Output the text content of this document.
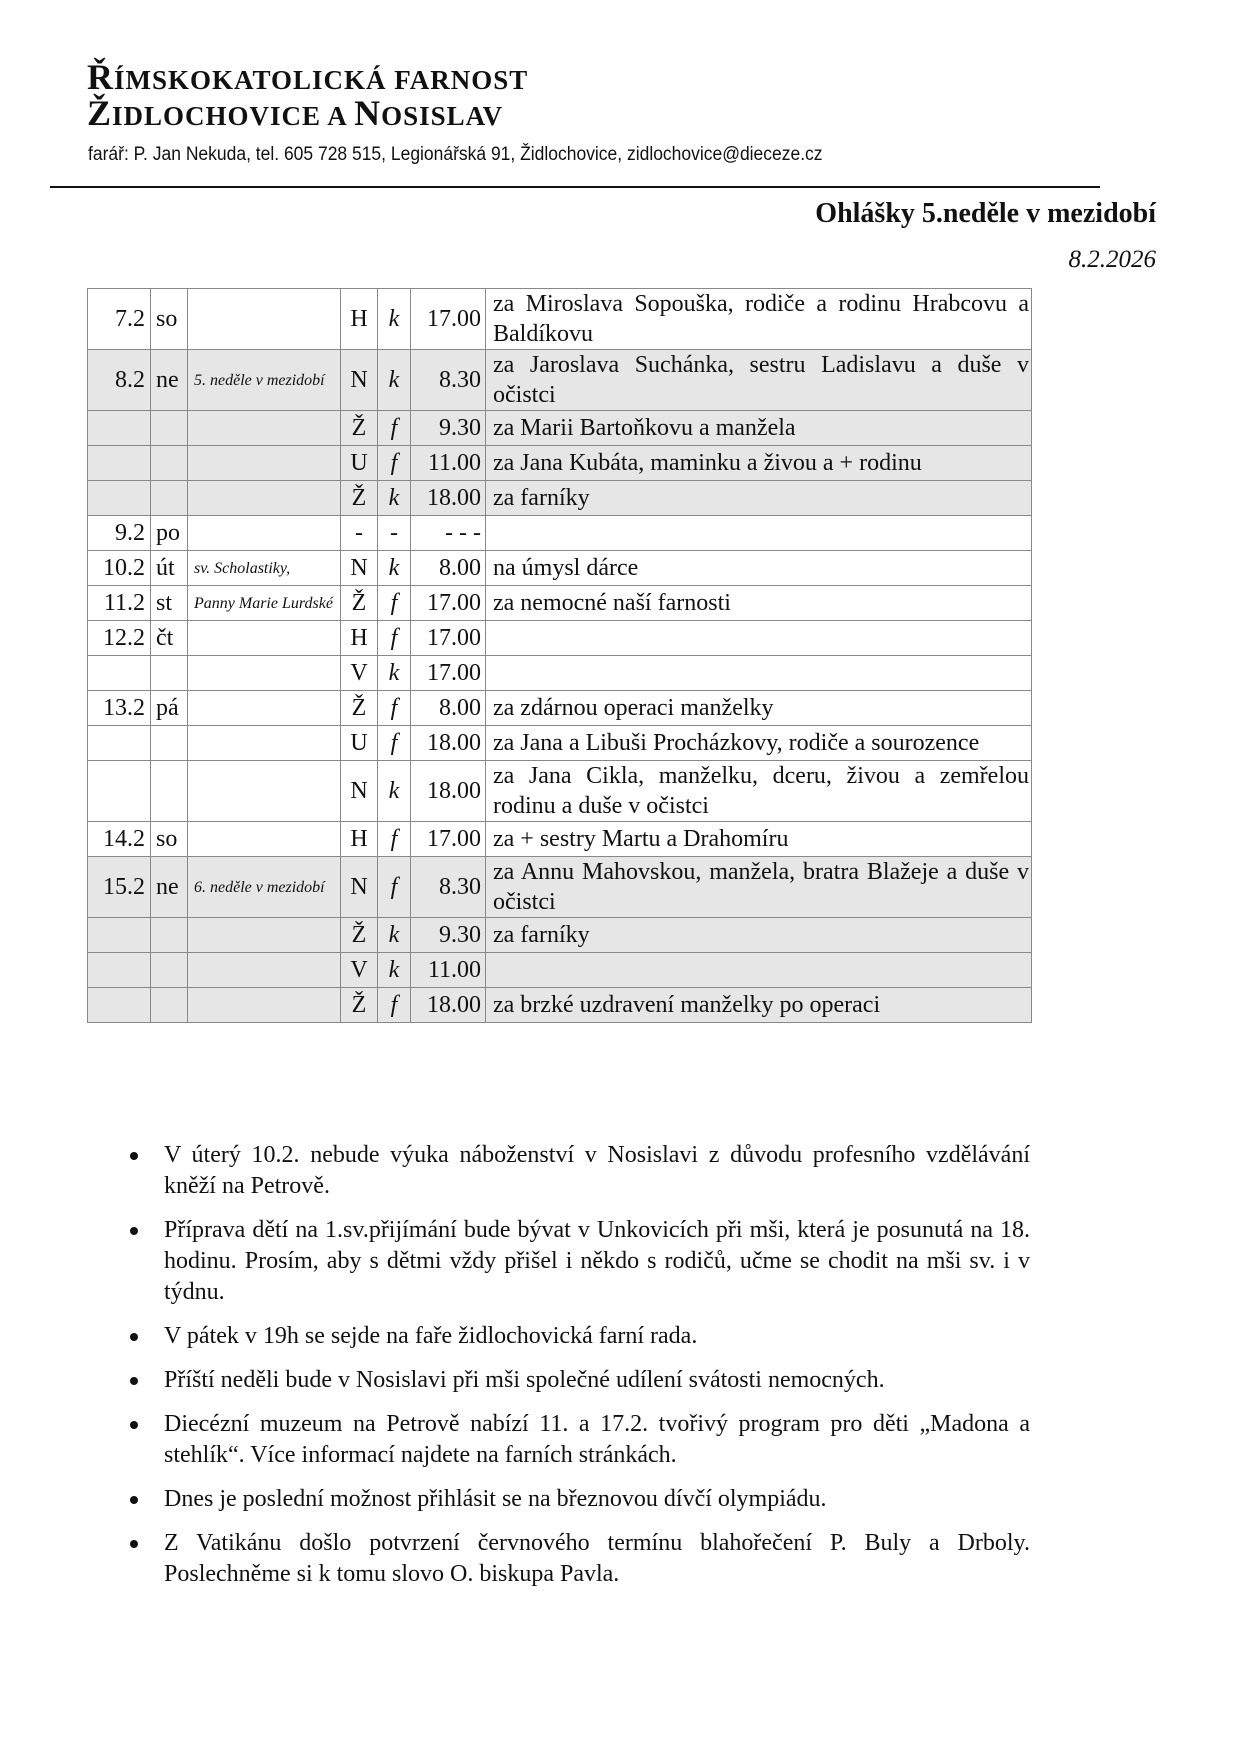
ŘÍMSKOKATOLICKÁ FARNOST
ŽIDLOCHOVICE A NOSISLAV
farář: P. Jan Nekuda, tel. 605 728 515, Legionářská 91, Židlochovice, zidlochovice@dieceze.cz
Ohlášky 5.neděle v mezidobí
8.2.2026
7.2	so		H	k	17.00	za Miroslava Sopouška, rodiče a rodinu Hrabcovu a Baldíkovu
8.2	ne	5. neděle v mezidobí	N	k	8.30	za Jaroslava Suchánka, sestru Ladislavu a duše v očistci
			Ž	f	9.30	za Marii Bartoňkovu a manžela
			U	f	11.00	za Jana Kubáta, maminku a živou a + rodinu
			Ž	k	18.00	za farníky
9.2	po		-	-	- - -	
10.2	út	sv. Scholastiky,	N	k	8.00	na úmysl dárce
11.2	st	Panny Marie Lurdské	Ž	f	17.00	za nemocné naší farnosti
12.2	čt		H	f	17.00	
			V	k	17.00	
13.2	pá		Ž	f	8.00	za zdárnou operaci manželky
			U	f	18.00	za Jana a Libuši Procházkovy, rodiče a sourozence
			N	k	18.00	za Jana Cikla, manželku, dceru, živou a zemřelou rodinu a duše v očistci
14.2	so		H	f	17.00	za + sestry Martu a Drahomíru
15.2	ne	6. neděle v mezidobí	N	f	8.30	za Annu Mahovskou, manžela, bratra Blažeje a duše v očistci
			Ž	k	9.30	za farníky
			V	k	11.00	
			Ž	f	18.00	za brzké uzdravení manželky po operaci
V úterý 10.2. nebude výuka náboženství v Nosislavi z důvodu profesního vzdělávání kněží na Petrově.
Příprava dětí na 1.sv.přijímání bude bývat v Unkovicích při mši, která je posunutá na 18. hodinu. Prosím, aby s dětmi vždy přišel i někdo s rodičů, učme se chodit na mši sv. i v týdnu.
V pátek v 19h se sejde na faře židlochovická farní rada.
Příští neděli bude v Nosislavi při mši společné udílení svátosti nemocných.
Diecézní muzeum na Petrově nabízí 11. a 17.2. tvořivý program pro děti „Madona a stehlík“. Více informací najdete na farních stránkách.
Dnes je poslední možnost přihlásit se na březnovou dívčí olympiádu.
Z Vatikánu došlo potvrzení červnového termínu blahořečení P. Buly a Drboly. Poslechněme si k tomu slovo O. biskupa Pavla.
